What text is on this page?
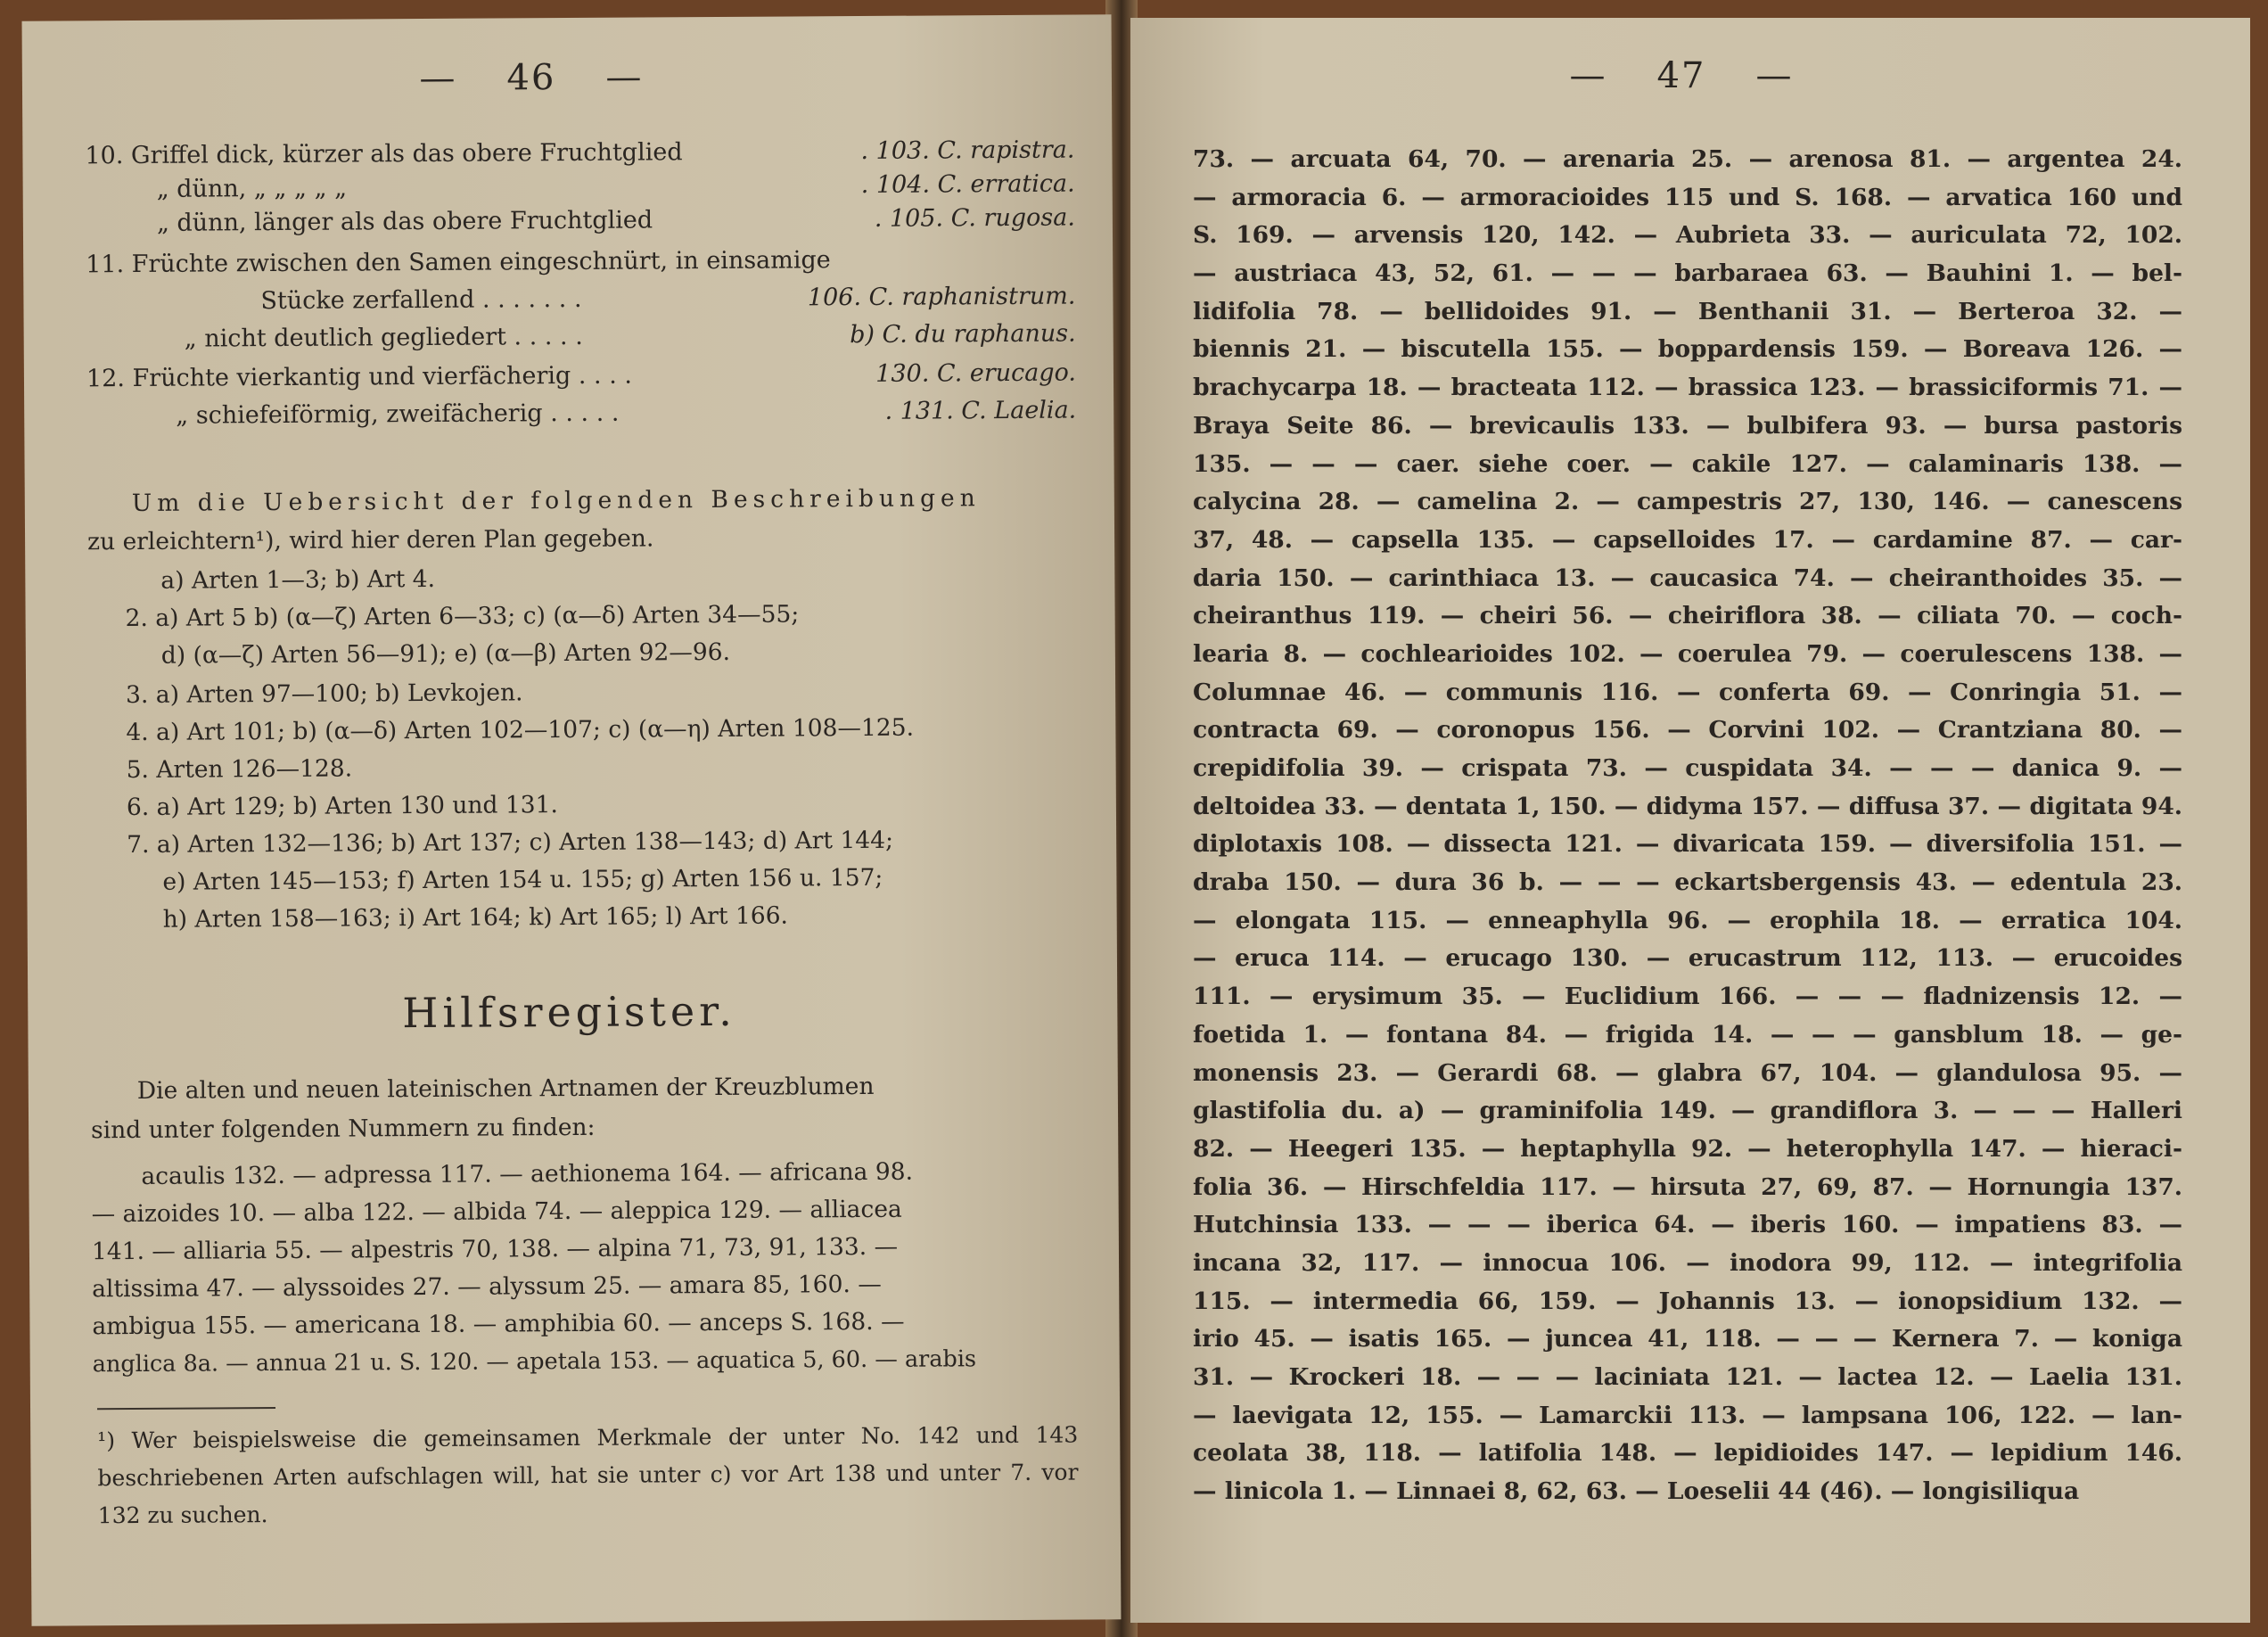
— 46 —
10. Griffel dick, kürzer als das obere Fruchtglied	. 103. C. rapistra.
„ dünn, „ „ „ „ „	. 104. C. erratica.
„ dünn, länger als das obere Fruchtglied	. 105. C. rugosa.
11. Früchte zwischen den Samen eingeschnürt, in einsamige
Stücke zerfallend . . . . . . .	106. C. raphanistrum.
„ nicht deutlich gegliedert . . . . .	b) C. du raphanus.
12. Früchte vierkantig und vierfächerig . . . .	130. C. erucago.
„ schiefeiförmig, zweifächerig . . . . .	. 131. C. Laelia.
Um die Uebersicht der folgenden Beschreibungen
zu erleichtern¹), wird hier deren Plan gegeben.
a) Arten 1—3; b) Art 4.
2. a) Art 5 b) (α—ζ) Arten 6—33; c) (α—δ) Arten 34—55;
d) (α—ζ) Arten 56—91); e) (α—β) Arten 92—96.
3. a) Arten 97—100; b) Levkojen.
4. a) Art 101; b) (α—δ) Arten 102—107; c) (α—η) Arten 108—125.
5. Arten 126—128.
6. a) Art 129; b) Arten 130 und 131.
7. a) Arten 132—136; b) Art 137; c) Arten 138—143; d) Art 144;
e) Arten 145—153; f) Arten 154 u. 155; g) Arten 156 u. 157;
h) Arten 158—163; i) Art 164; k) Art 165; l) Art 166.
Hilfsregister.
Die alten und neuen lateinischen Artnamen der Kreuzblumen
sind unter folgenden Nummern zu finden:
acaulis 132. — adpressa 117. — aethionema 164. — africana 98.
— aizoides 10. — alba 122. — albida 74. — aleppica 129. — alliacea
141. — alliaria 55. — alpestris 70, 138. — alpina 71, 73, 91, 133. —
altissima 47. — alyssoides 27. — alyssum 25. — amara 85, 160. —
ambigua 155. — americana 18. — amphibia 60. — anceps S. 168. —
anglica 8a. — annua 21 u. S. 120. — apetala 153. — aquatica 5, 60. — arabis
¹) Wer beispielsweise die gemeinsamen Merkmale der unter No. 142 und 143 beschriebenen Arten aufschlagen will, hat sie unter c) vor Art 138 und unter 7. vor 132 zu suchen.
— 47 —
73. — arcuata 64, 70. — arenaria 25. — arenosa 81. — argentea 24.
— armoracia 6. — armoracioides 115 und S. 168. — arvatica 160 und
S. 169. — arvensis 120, 142. — Aubrieta 33. — auriculata 72, 102.
— austriaca 43, 52, 61. — — — barbaraea 63. — Bauhini 1. — bel-
lidifolia 78. — bellidoides 91. — Benthanii 31. — Berteroa 32. —
biennis 21. — biscutella 155. — boppardensis 159. — Boreava 126. —
brachycarpa 18. — bracteata 112. — brassica 123. — brassiciformis 71. —
Braya Seite 86. — brevicaulis 133. — bulbifera 93. — bursa pastoris
135. — — — caer. siehe coer. — cakile 127. — calaminaris 138. —
calycina 28. — camelina 2. — campestris 27, 130, 146. — canescens
37, 48. — capsella 135. — capselloides 17. — cardamine 87. — car-
daria 150. — carinthiaca 13. — caucasica 74. — cheiranthoides 35. —
cheiranthus 119. — cheiri 56. — cheiriflora 38. — ciliata 70. — coch-
learia 8. — cochlearioides 102. — coerulea 79. — coerulescens 138. —
Columnae 46. — communis 116. — conferta 69. — Conringia 51. —
contracta 69. — coronopus 156. — Corvini 102. — Crantziana 80. —
crepidifolia 39. — crispata 73. — cuspidata 34. — — — danica 9. —
deltoidea 33. — dentata 1, 150. — didyma 157. — diffusa 37. — digitata 94.
diplotaxis 108. — dissecta 121. — divaricata 159. — diversifolia 151. —
draba 150. — dura 36 b. — — — eckartsbergensis 43. — edentula 23.
— elongata 115. — enneaphylla 96. — erophila 18. — erratica 104.
— eruca 114. — erucago 130. — erucastrum 112, 113. — erucoides
111. — erysimum 35. — Euclidium 166. — — — fladnizensis 12. —
foetida 1. — fontana 84. — frigida 14. — — — gansblum 18. — ge-
monensis 23. — Gerardi 68. — glabra 67, 104. — glandulosa 95. —
glastifolia du. a) — graminifolia 149. — grandiflora 3. — — — Halleri
82. — Heegeri 135. — heptaphylla 92. — heterophylla 147. — hieraci-
folia 36. — Hirschfeldia 117. — hirsuta 27, 69, 87. — Hornungia 137.
Hutchinsia 133. — — — iberica 64. — iberis 160. — impatiens 83. —
incana 32, 117. — innocua 106. — inodora 99, 112. — integrifolia
115. — intermedia 66, 159. — Johannis 13. — ionopsidium 132. —
irio 45. — isatis 165. — juncea 41, 118. — — — Kernera 7. — koniga
31. — Krockeri 18. — — — laciniata 121. — lactea 12. — Laelia 131.
— laevigata 12, 155. — Lamarckii 113. — lampsana 106, 122. — lan-
ceolata 38, 118. — latifolia 148. — lepidioides 147. — lepidium 146.
— linicola 1. — Linnaei 8, 62, 63. — Loeselii 44 (46). — longisiliqua
